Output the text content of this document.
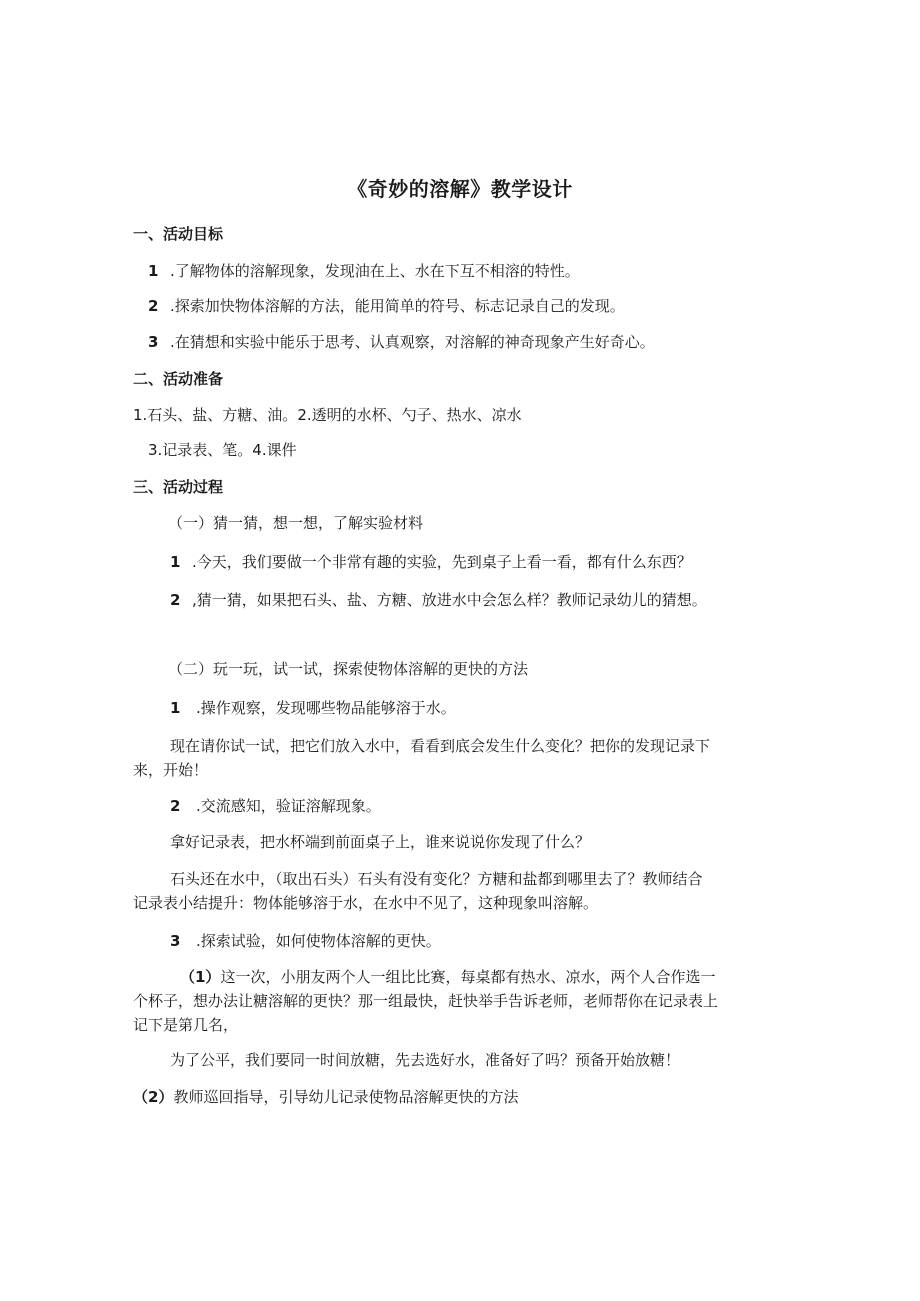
《奇妙的溶解》教学设计
一、活动目标
1 .了解物体的溶解现象，发现油在上、水在下互不相溶的特性。
2 .探索加快物体溶解的方法，能用简单的符号、标志记录自己的发现。
3 .在猜想和实验中能乐于思考、认真观察，对溶解的神奇现象产生好奇心。
二、活动准备
1.石头、盐、方糖、油。2.透明的水杯、勺子、热水、凉水
3.记录表、笔。4.课件
三、活动过程
（一）猜一猜，想一想，了解实验材料
1 .今天，我们要做一个非常有趣的实验，先到桌子上看一看，都有什么东西？
2 ,猜一猜，如果把石头、盐、方糖、放进水中会怎么样？教师记录幼儿的猜想。
（二）玩一玩，试一试，探索使物体溶解的更快的方法
1 .操作观察，发现哪些物品能够溶于水。
现在请你试一试，把它们放入水中，看看到底会发生什么变化？把你的发现记录下
来，开始！
2 .交流感知，验证溶解现象。
拿好记录表，把水杯端到前面桌子上，谁来说说你发现了什么？
石头还在水中，（取出石头）石头有没有变化？方糖和盐都到哪里去了？教师结合
记录表小结提升：物体能够溶于水，在水中不见了，这种现象叫溶解。
3 .探索试验，如何使物体溶解的更快。
（1）这一次，小朋友两个人一组比比赛，每桌都有热水、凉水，两个人合作选一
个杯子，想办法让糖溶解的更快？那一组最快，赶快举手告诉老师，老师帮你在记录表上
记下是第几名，
为了公平，我们要同一时间放糖，先去选好水，准备好了吗？预备开始放糖！
（2）教师巡回指导，引导幼儿记录使物品溶解更快的方法
